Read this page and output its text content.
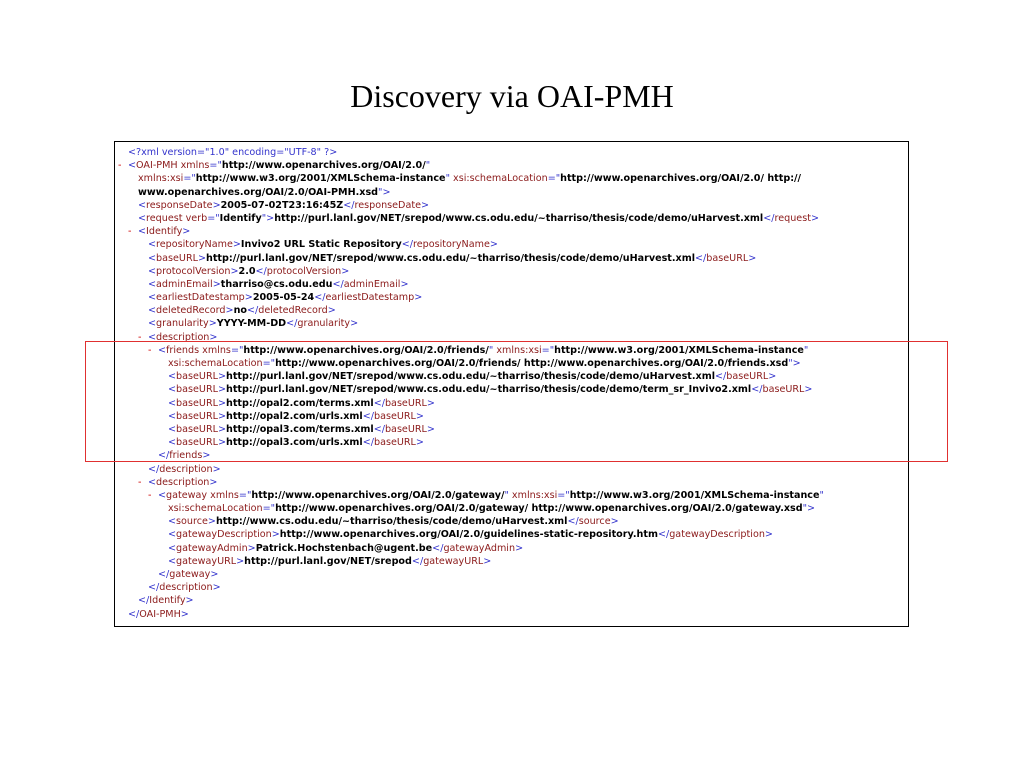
Discovery via OAI-PMH
<?xml version="1.0" encoding="UTF-8" ?>
- <OAI-PMH xmlns="http://www.openarchives.org/OAI/2.0/"
xmlns:xsi="http://www.w3.org/2001/XMLSchema-instance" xsi:schemaLocation="http://www.openarchives.org/OAI/2.0/ http://
www.openarchives.org/OAI/2.0/OAI-PMH.xsd">
<responseDate>2005-07-02T23:16:45Z</responseDate>
<request verb="Identify">http://purl.lanl.gov/NET/srepod/www.cs.odu.edu/~tharriso/thesis/code/demo/uHarvest.xml</request>
- <Identify>
<repositoryName>Invivo2 URL Static Repository</repositoryName>
<baseURL>http://purl.lanl.gov/NET/srepod/www.cs.odu.edu/~tharriso/thesis/code/demo/uHarvest.xml</baseURL>
<protocolVersion>2.0</protocolVersion>
<adminEmail>tharriso@cs.odu.edu</adminEmail>
<earliestDatestamp>2005-05-24</earliestDatestamp>
<deletedRecord>no</deletedRecord>
<granularity>YYYY-MM-DD</granularity>
- <description>
- <friends xmlns="http://www.openarchives.org/OAI/2.0/friends/" xmlns:xsi="http://www.w3.org/2001/XMLSchema-instance"
xsi:schemaLocation="http://www.openarchives.org/OAI/2.0/friends/ http://www.openarchives.org/OAI/2.0/friends.xsd">
<baseURL>http://purl.lanl.gov/NET/srepod/www.cs.odu.edu/~tharriso/thesis/code/demo/uHarvest.xml</baseURL>
<baseURL>http://purl.lanl.gov/NET/srepod/www.cs.odu.edu/~tharriso/thesis/code/demo/term_sr_Invivo2.xml</baseURL>
<baseURL>http://opal2.com/terms.xml</baseURL>
<baseURL>http://opal2.com/urls.xml</baseURL>
<baseURL>http://opal3.com/terms.xml</baseURL>
<baseURL>http://opal3.com/urls.xml</baseURL>
</friends>
</description>
- <description>
- <gateway xmlns="http://www.openarchives.org/OAI/2.0/gateway/" xmlns:xsi="http://www.w3.org/2001/XMLSchema-instance"
xsi:schemaLocation="http://www.openarchives.org/OAI/2.0/gateway/ http://www.openarchives.org/OAI/2.0/gateway.xsd">
<source>http://www.cs.odu.edu/~tharriso/thesis/code/demo/uHarvest.xml</source>
<gatewayDescription>http://www.openarchives.org/OAI/2.0/guidelines-static-repository.htm</gatewayDescription>
<gatewayAdmin>Patrick.Hochstenbach@ugent.be</gatewayAdmin>
<gatewayURL>http://purl.lanl.gov/NET/srepod</gatewayURL>
</gateway>
</description>
</Identify>
</OAI-PMH>
